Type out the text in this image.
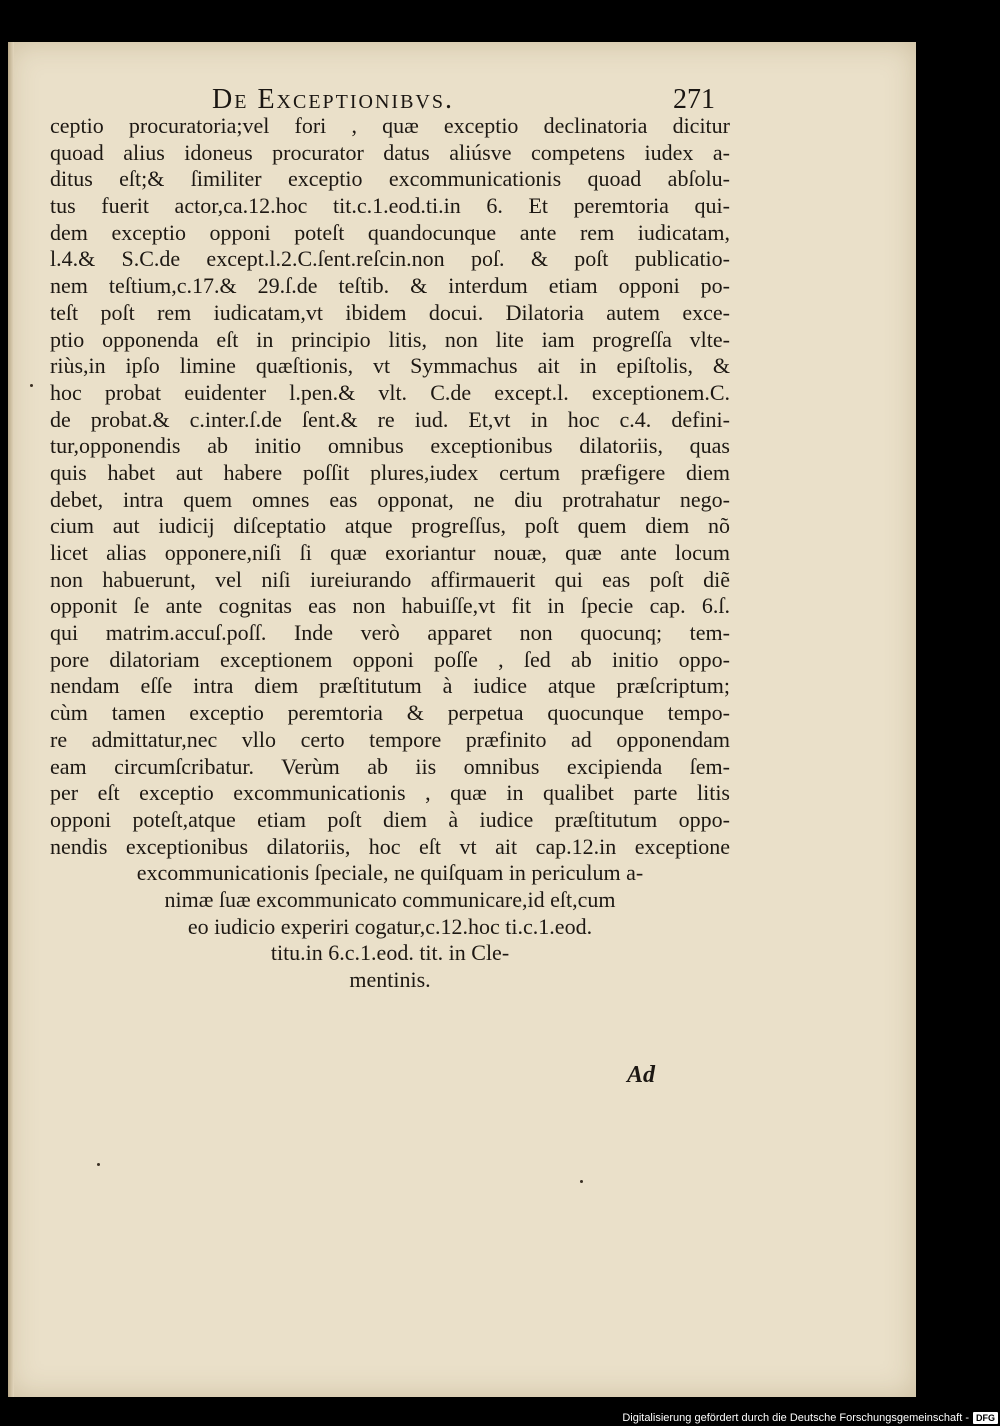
De Exceptionibvs.	271
ceptio procuratoria;vel fori , quæ exceptio declinatoria dicitur
quoad alius idoneus procurator datus aliúsve competens iudex a-
ditus eſt;& ſimiliter exceptio excommunicationis quoad abſolu-
tus fuerit actor,ca.12.hoc tit.c.1.eod.ti.in 6. Et peremtoria qui-
dem exceptio opponi poteſt quandocunque ante rem iudicatam,
l.4.& S.C.de except.l.2.C.ſent.reſcin.non poſ. & poſt publicatio-
nem teſtium,c.17.& 29.ſ.de teſtib. & interdum etiam opponi po-
teſt poſt rem iudicatam,vt ibidem docui. Dilatoria autem exce-
ptio opponenda eſt in principio litis, non lite iam progreſſa vlte-
riùs,in ipſo limine quæſtionis, vt Symmachus ait in epiſtolis, &
hoc probat euidenter l.pen.& vlt. C.de except.l. exceptionem.C.
de probat.& c.inter.ſ.de ſent.& re iud. Et,vt in hoc c.4. defini-
tur,opponendis ab initio omnibus exceptionibus dilatoriis, quas
quis habet aut habere poſſit plures,iudex certum præfigere diem
debet, intra quem omnes eas opponat, ne diu protrahatur nego-
cium aut iudicij diſceptatio atque progreſſus, poſt quem diem nõ
licet alias opponere,niſi ſi quæ exoriantur nouæ, quæ ante locum
non habuerunt, vel niſi iureiurando affirmauerit qui eas poſt diẽ
opponit ſe ante cognitas eas non habuiſſe,vt fit in ſpecie cap. 6.ſ.
qui matrim.accuſ.poſſ. Inde verò apparet non quocunq; tem-
pore dilatoriam exceptionem opponi poſſe , ſed ab initio oppo-
nendam eſſe intra diem præſtitutum à iudice atque præſcriptum;
cùm tamen exceptio peremtoria & perpetua quocunque tempo-
re admittatur,nec vllo certo tempore præfinito ad opponendam
eam circumſcribatur. Verùm ab iis omnibus excipienda ſem-
per eſt exceptio excommunicationis , quæ in qualibet parte litis
opponi poteſt,atque etiam poſt diem à iudice præſtitutum oppo-
nendis exceptionibus dilatoriis, hoc eſt vt ait cap.12.in exceptione
excommunicationis ſpeciale, ne quiſquam in periculum a-
nimæ ſuæ excommunicato communicare,id eſt,cum
eo iudicio experiri cogatur,c.12.hoc ti.c.1.eod.
titu.in 6.c.1.eod. tit. in Cle-
mentinis.
Ad
Digitalisierung gefördert durch die Deutsche Forschungsgemeinschaft - DFG
